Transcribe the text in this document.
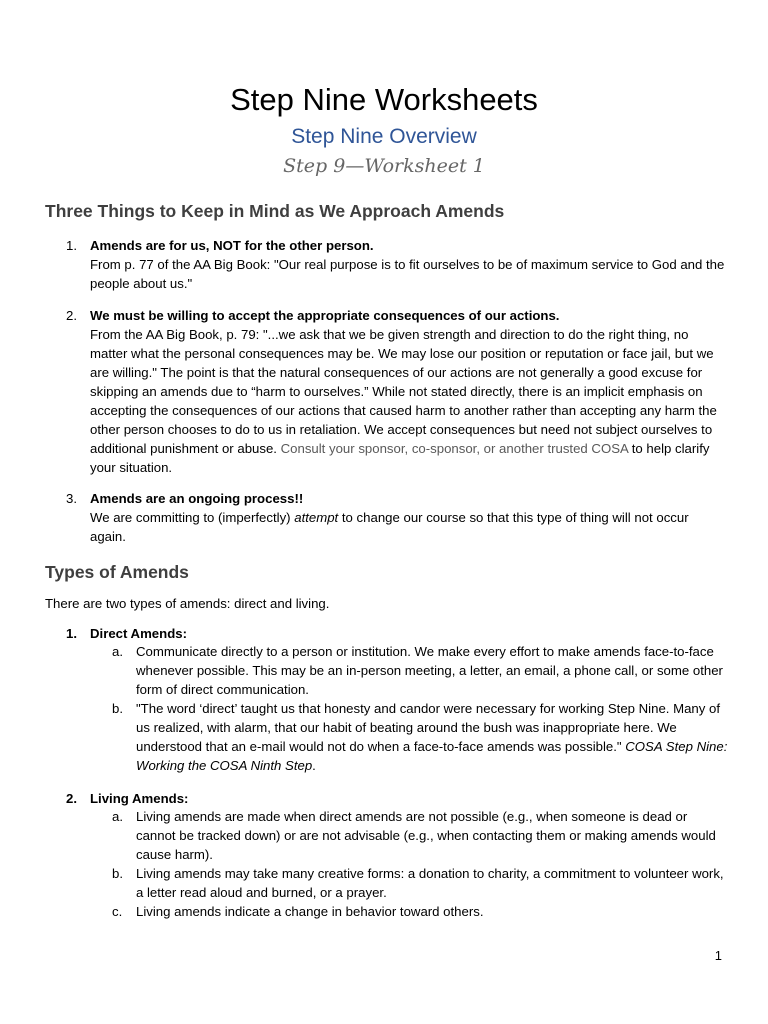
Step Nine Worksheets
Step Nine Overview
Step 9—Worksheet 1
Three Things to Keep in Mind as We Approach Amends
1. Amends are for us, NOT for the other person.
From p. 77 of the AA Big Book: "Our real purpose is to fit ourselves to be of maximum service to God and the people about us."
2. We must be willing to accept the appropriate consequences of our actions.
From the AA Big Book, p. 79: "...we ask that we be given strength and direction to do the right thing, no matter what the personal consequences may be. We may lose our position or reputation or face jail, but we are willing." The point is that the natural consequences of our actions are not generally a good excuse for skipping an amends due to “harm to ourselves.” While not stated directly, there is an implicit emphasis on accepting the consequences of our actions that caused harm to another rather than accepting any harm the other person chooses to do to us in retaliation. We accept consequences but need not subject ourselves to additional punishment or abuse. Consult your sponsor, co-sponsor, or another trusted COSA to help clarify your situation.
3. Amends are an ongoing process!!
We are committing to (imperfectly) attempt to change our course so that this type of thing will not occur again.
Types of Amends
There are two types of amends: direct and living.
1. Direct Amends:
a. Communicate directly to a person or institution. We make every effort to make amends face-to-face whenever possible. This may be an in-person meeting, a letter, an email, a phone call, or some other form of direct communication.
b. "The word ‘direct’ taught us that honesty and candor were necessary for working Step Nine. Many of us realized, with alarm, that our habit of beating around the bush was inappropriate here. We understood that an e-mail would not do when a face-to-face amends was possible." COSA Step Nine: Working the COSA Ninth Step.
2. Living Amends:
a. Living amends are made when direct amends are not possible (e.g., when someone is dead or cannot be tracked down) or are not advisable (e.g., when contacting them or making amends would cause harm).
b. Living amends may take many creative forms: a donation to charity, a commitment to volunteer work, a letter read aloud and burned, or a prayer.
c.	Living amends indicate a change in behavior toward others.
1
